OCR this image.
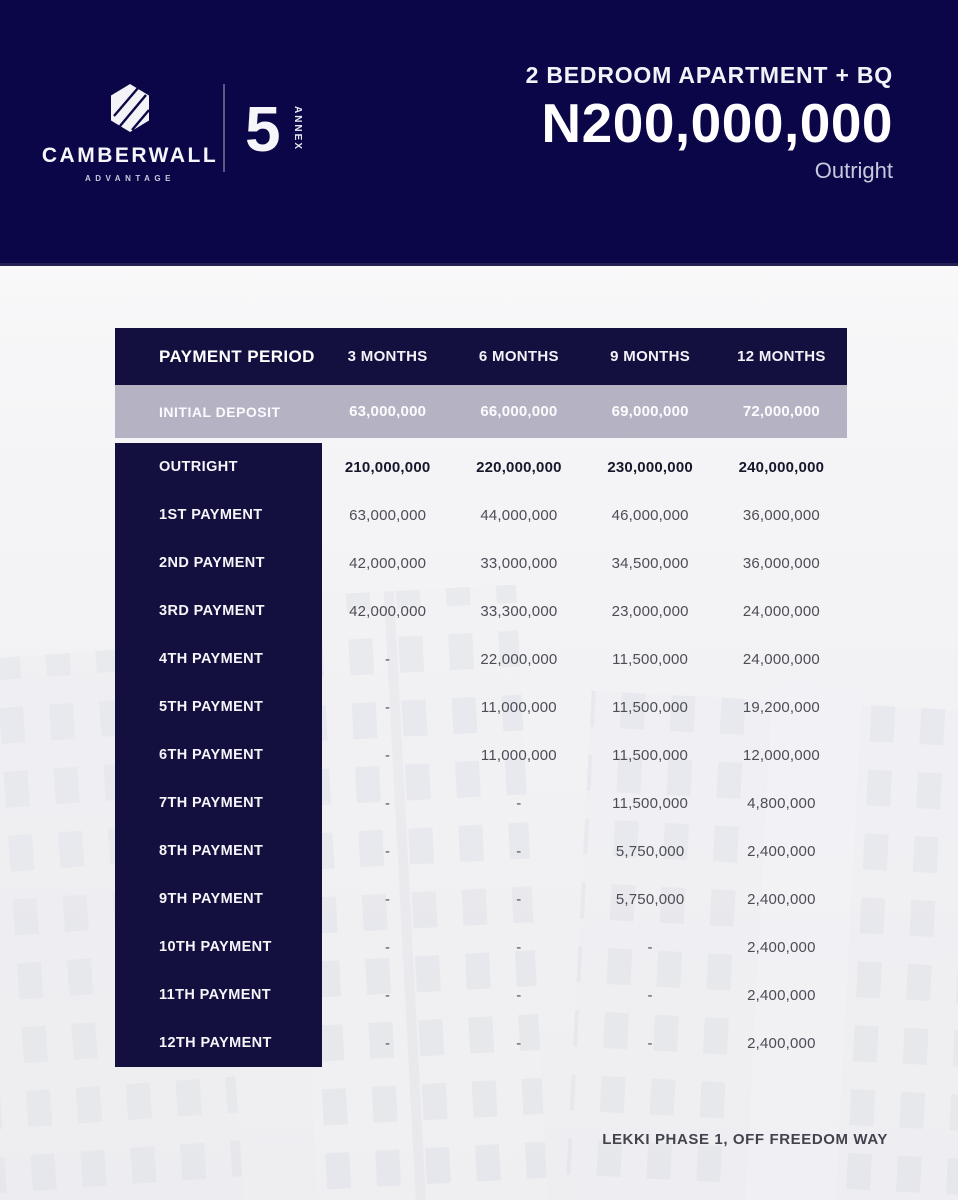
CAMBERWALL
ADVANTAGE
5 ANNEX
2 BEDROOM APARTMENT + BQ
N200,000,000
Outright
PAYMENT PERIOD	3 MONTHS	6 MONTHS	9 MONTHS	12 MONTHS
INITIAL DEPOSIT	63,000,000	66,000,000	69,000,000	72,000,000
OUTRIGHT	210,000,000	220,000,000	230,000,000	240,000,000
1ST PAYMENT	63,000,000	44,000,000	46,000,000	36,000,000
2ND PAYMENT	42,000,000	33,000,000	34,500,000	36,000,000
3RD PAYMENT	42,000,000	33,300,000	23,000,000	24,000,000
4TH PAYMENT	-	22,000,000	11,500,000	24,000,000
5TH PAYMENT	-	11,000,000	11,500,000	19,200,000
6TH PAYMENT	-	11,000,000	11,500,000	12,000,000
7TH PAYMENT	-	-	11,500,000	4,800,000
8TH PAYMENT	-	-	5,750,000	2,400,000
9TH PAYMENT	-	-	5,750,000	2,400,000
10TH PAYMENT	-	-	-	2,400,000
11TH PAYMENT	-	-	-	2,400,000
12TH PAYMENT	-	-	-	2,400,000
LEKKI PHASE 1, OFF FREEDOM WAY
